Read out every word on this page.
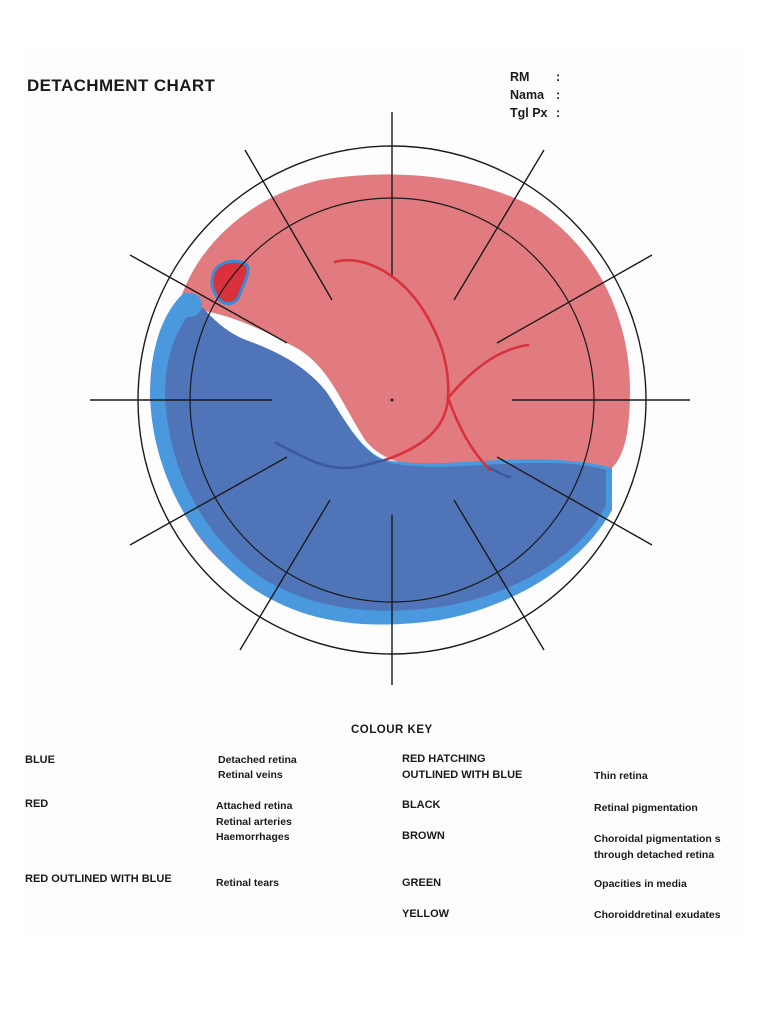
DETACHMENT CHART	RM	:
Nama :
Tgl Px :
COLOUR KEY
BLUE	Detached retina
Retinal veins
RED	Attached retina
Retinal arteries
Haemorrhages
RED OUTLINED WITH BLUE	Retinal tears
RED HATCHING
OUTLINED WITH BLUE	Thin retina
BLACK	Retinal pigmentation
BROWN	Choroidal pigmentation s
through detached retina
GREEN	Opacities in media
YELLOW	Choroiddretinal exudates
